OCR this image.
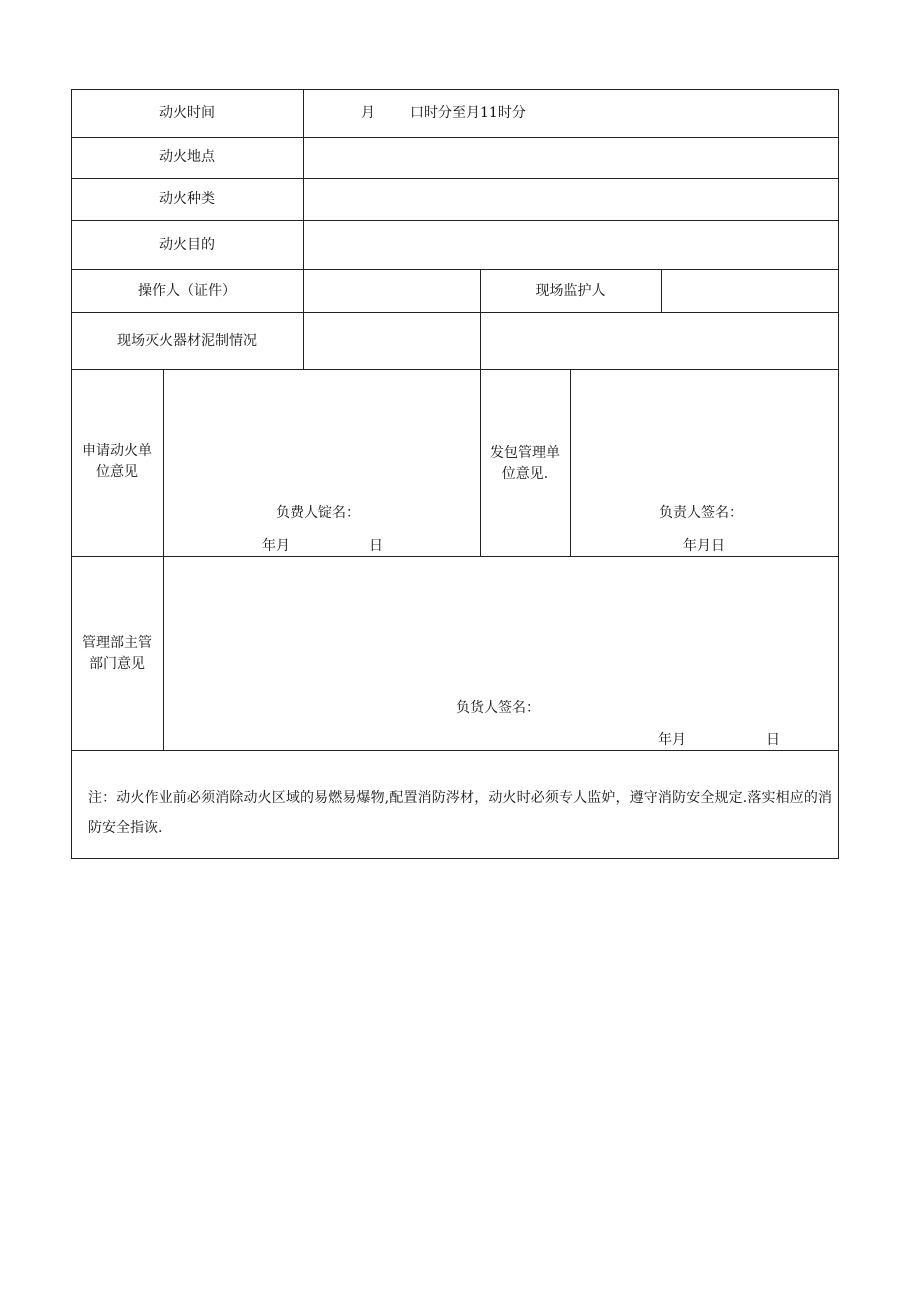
动火时间	月	口时分至月11时分
动火地点
动火种类
动火目的
操作人（证件）	现场监护人
现场灭火器材泥制情况
申请动火单位意见
负费人锭名：
年月	日
发包管理单位意见.
负责人签名：
年月日
管理部主管部门意见
负货人签名：
年月	日
注：动火作业前必须消除动火区域的易燃易爆物,配置消防涔材，动火时必须专人监妒，遵守消防安全规定.落实相应的消防安全指诙.
